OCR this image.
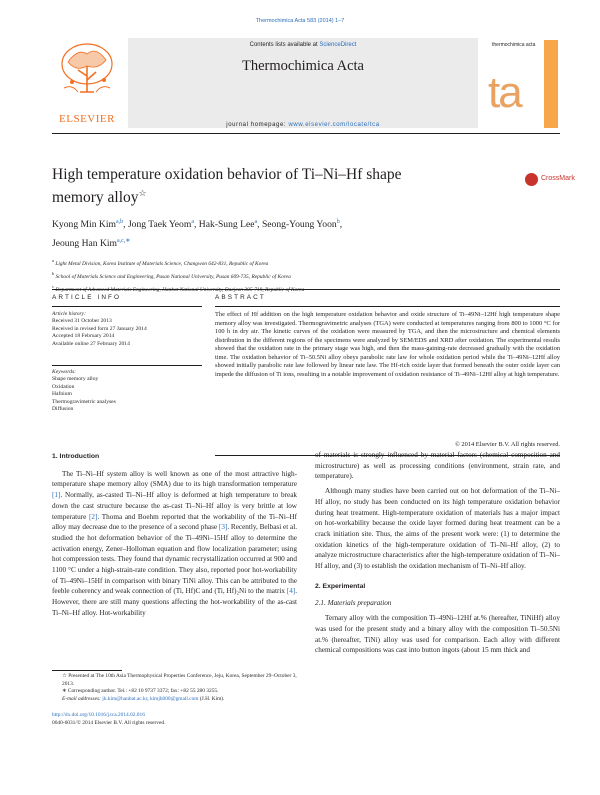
Thermochimica Acta 583 (2014) 1–7
ELSEVIER
Contents lists available at ScienceDirect
Thermochimica Acta
journal homepage: www.elsevier.com/locate/tca
thermochimica acta
ta
High temperature oxidation behavior of Ti–Ni–Hf shape memory alloy☆
CrossMark
Kyong Min Kim$^{a,b}$, Jong Taek Yeom$^a$, Hak-Sung Lee$^a$, Seong-Young Yoon$^b$,
Jeoung Han Kim$^{a,c,∗}$
$^a$ Light Metal Division, Korea Institute of Materials Science, Changwon 642-831, Republic of Korea
$^b$ School of Materials Science and Engineering, Pusan National University, Pusan 609-735, Republic of Korea
$^c$
ARTICLE INFO	ABSTRACT
Article history:
Received 31 October 2013
Received in revised form 27 January 2014
Accepted 18 February 2014
Available online 27 February 2014
Keywords:
Shape memory alloy
Oxidation
Hafnium
Thermogravimetric analyses
Diffusion
The effect of Hf addition on the high temperature oxidation behavior and oxide structure of Ti–49Ni–12Hf high temperature shape memory alloy was investigated. Thermogravimetric analyses (TGA) were conducted at temperatures ranging from 800 to 1000 °C for 100 h in dry air. The kinetic curves of the oxidation were measured by TGA, and then the microstructure and chemical elements distribution in the different regions of the specimens were analyzed by SEM/EDS and XRD after oxidation. The experimental results showed that the oxidation rate in the primary stage was high, and then the mass-gaining-rate decreased gradually with the oxidation time. The oxidation behavior of Ti–50.5Ni alloy obeys parabolic rate law for whole oxidation period while the Ti–49Ni–12Hf alloy showed initially parabolic rate law followed by linear rate law. The Hf-rich oxide layer that formed beneath the outer oxide layer can impede the diffusion of Ti ions, resulting in a notable improvement of oxidation resistance of Ti–49Ni–12Hf alloy at high temperature.
© 2014 Elsevier B.V. All rights reserved.
1. Introduction

The Ti–Ni–Hf system alloy is well known as one of the most attractive high-temperature shape memory alloy (SMA) due to its high transformation temperature [1]. Normally, as-casted Ti–Ni–Hf alloy is deformed at high temperature to break down the cast structure because the as-cast Ti–Ni–Hf alloy is very brittle at low temperature [2]. Thoma and Boehm reported that the workability of the Ti–Ni–Hf alloy may decrease due to the presence of a second phase [3]. Recently, Belbasi et al. studied the hot deformation behavior of the Ti–49Ni–15Hf alloy to determine the activation energy, Zener–Holloman equation and flow localization parameter; using hot compression tests. They found that dynamic recrystallization occurred at 900 and 1100 °C under a high-strain-rate condition. They also, reported poor hot-workability of Ti–49Ni–15Hf in comparison with binary TiNi alloy. This can be attributed to the feeble coherency and weak connection of (Ti, Hf)C and (Ti, Hf)₂Ni to the matrix [4]. However, there are still many questions affecting the hot-workability of the as-cast Ti–Ni–Hf alloy. Hot-workability

of materials is strongly influenced by material factors (chemical composition and microstructure) as well as processing conditions (environment, strain rate, and temperature).

Although many studies have been carried out on hot deformation of the Ti–Ni–Hf alloy, no study has been conducted on its high temperature oxidation behavior during heat treatment. High-temperature oxidation of materials has a major impact on hot-workability because the oxide layer formed during heat treatment can be a crack initiation site. Thus, the aims of the present work were: (1) to determine the oxidation kinetics of the high-temperature oxidation of Ti–Ni–Hf alloy, (2) to analyze microstructure characteristics after the high-temperature oxidation of Ti–Ni–Hf alloy, and (3) to establish the oxidation mechanism of Ti–Ni–Hf alloy.

2. Experimental
2.1. Materials preparation

Ternary alloy with the composition Ti–49Ni–12Hf at.% (hereafter, TiNiHf) alloy was used for the present study and a binary alloy with the composition Ti–50.5Ni at.% (hereafter, TiNi) alloy was used for comparison. Each alloy with different chemical compositions was cast into button ingots (about 15 mm thick and

☆ Presented at The 10th Asia Thermophysical Properties Conference, Jeju, Korea, September 29–October 3, 2013.
∗ Corresponding author. Tel.: +82 10 9737 3372; fax: +82 55 280 3255.
E-mail addresses: jh.kim@hanbat.ac.kr, kimjh000@gmail.com (J.H. Kim).
http://dx.doi.org/10.1016/j.tca.2014.02.016
0040-6031/© 2014 Elsevier B.V. All rights reserved.
